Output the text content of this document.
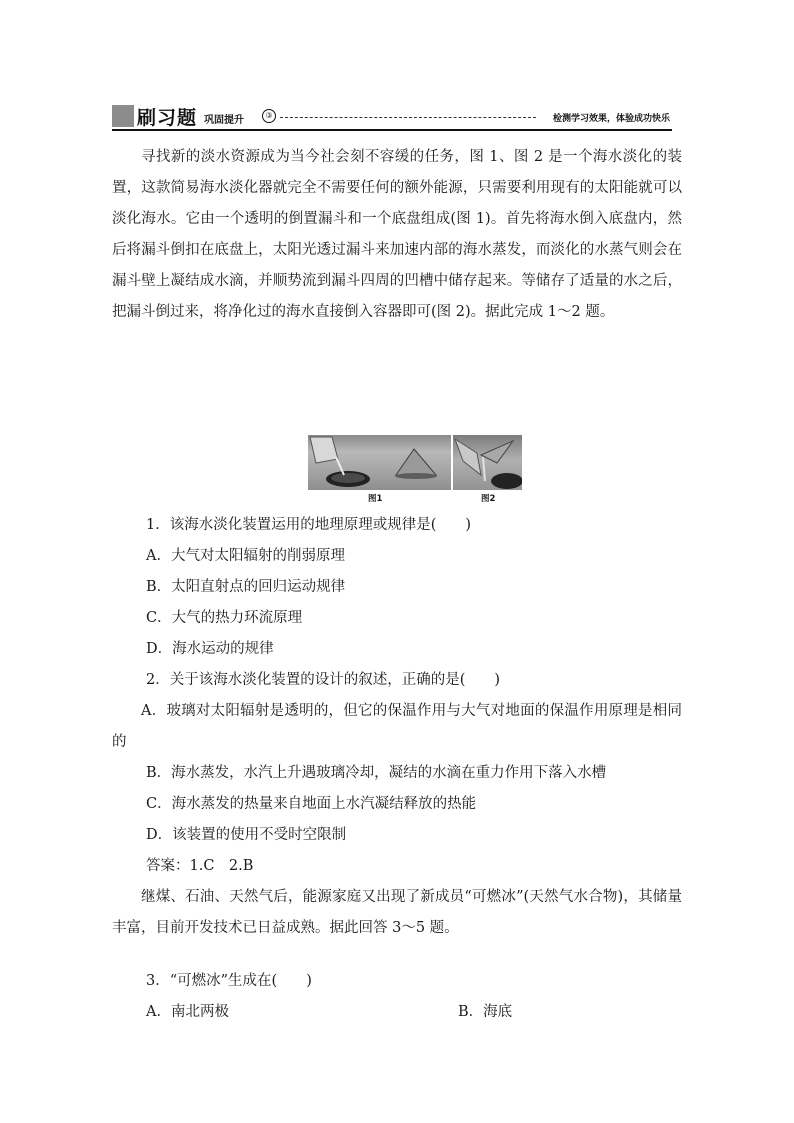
刷习题 巩固提升	③	检测学习效果，体验成功快乐
寻找新的淡水资源成为当今社会刻不容缓的任务，图 1、图 2 是一个海水淡化的装置，这款简易海水淡化器就完全不需要任何的额外能源，只需要利用现有的太阳能就可以淡化海水。它由一个透明的倒置漏斗和一个底盘组成(图 1)。首先将海水倒入底盘内，然后将漏斗倒扣在底盘上，太阳光透过漏斗来加速内部的海水蒸发，而淡化的水蒸气则会在漏斗壁上凝结成水滴，并顺势流到漏斗四周的凹槽中储存起来。等储存了适量的水之后，把漏斗倒过来，将净化过的海水直接倒入容器即可(图 2)。据此完成 1～2 题。
图1	图2
1．该海水淡化装置运用的地理原理或规律是(　　)
A．大气对太阳辐射的削弱原理
B．太阳直射点的回归运动规律
C．大气的热力环流原理
D．海水运动的规律
2．关于该海水淡化装置的设计的叙述，正确的是(　　)
A．玻璃对太阳辐射是透明的，但它的保温作用与大气对地面的保温作用原理是相同的
B．海水蒸发，水汽上升遇玻璃冷却，凝结的水滴在重力作用下落入水槽
C．海水蒸发的热量来自地面上水汽凝结释放的热能
D．该装置的使用不受时空限制
答案：1.C　2.B
继煤、石油、天然气后，能源家庭又出现了新成员“可燃冰”(天然气水合物)，其储量丰富，目前开发技术已日益成熟。据此回答 3～5 题。
3．“可燃冰”生成在(　　)
A．南北两极	B．海底
